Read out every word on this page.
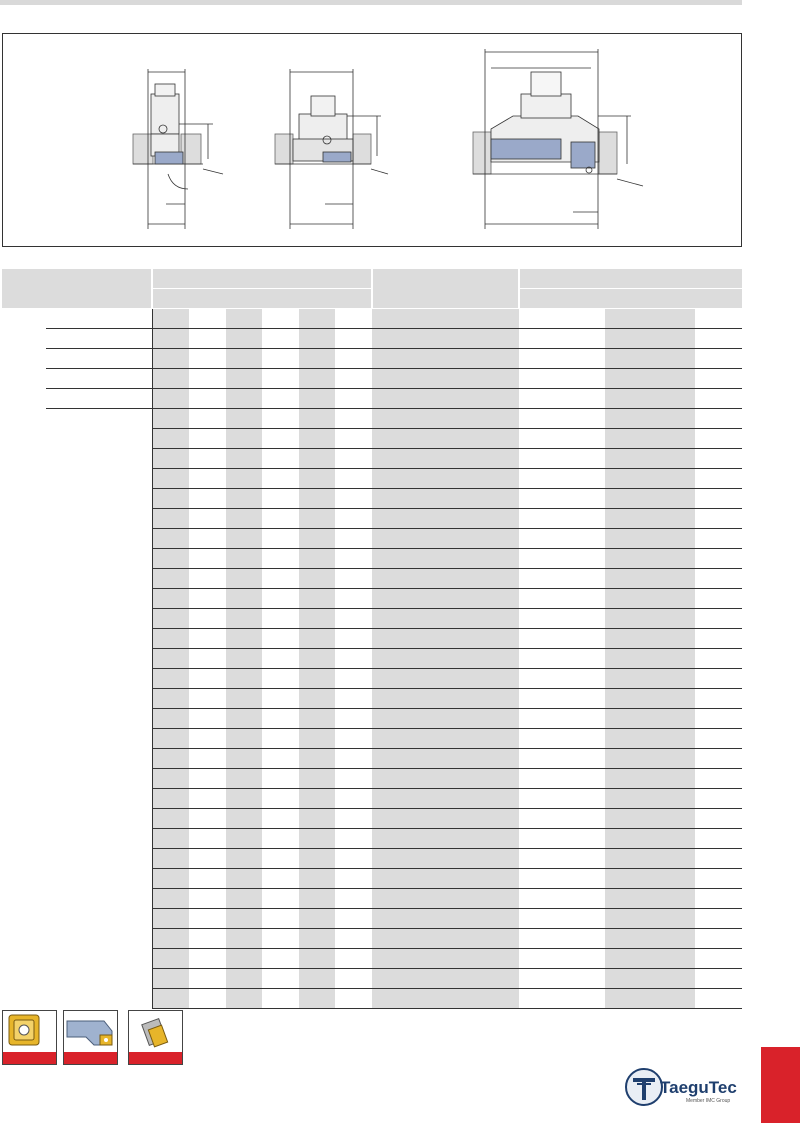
TaeguTec
Member IMC Group
